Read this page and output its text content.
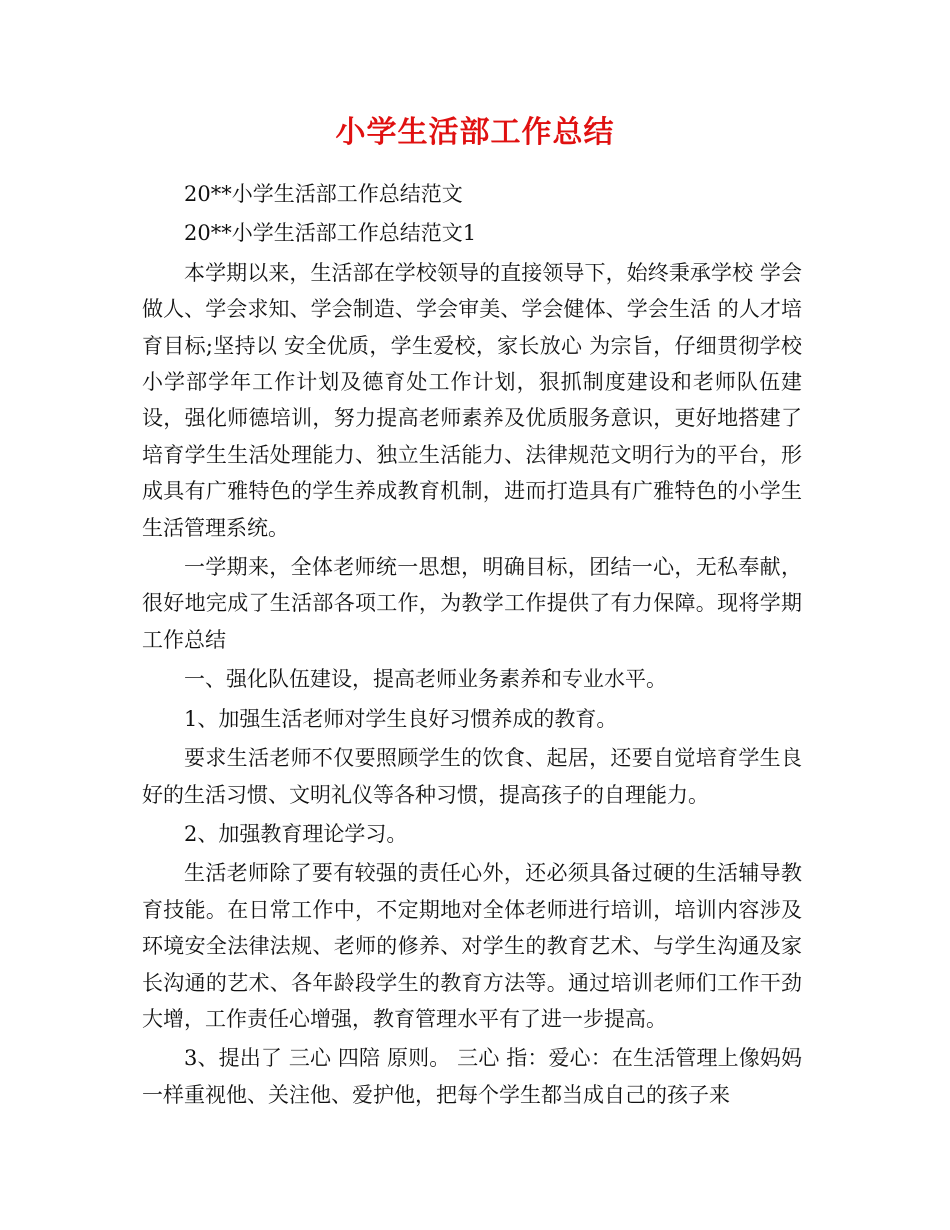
小学生活部工作总结

20**小学生活部工作总结范文

20**小学生活部工作总结范文1

本学期以来，生活部在学校领导的直接领导下，始终秉承学校 学会做人、学会求知、学会制造、学会审美、学会健体、学会生活 的人才培育目标;坚持以 安全优质，学生爱校，家长放心 为宗旨，仔细贯彻学校小学部学年工作计划及德育处工作计划，狠抓制度建设和老师队伍建设，强化师德培训，努力提高老师素养及优质服务意识，更好地搭建了培育学生生活处理能力、独立生活能力、法律规范文明行为的平台，形成具有广雅特色的学生养成教育机制，进而打造具有广雅特色的小学生生活管理系统。

一学期来，全体老师统一思想，明确目标，团结一心，无私奉献，很好地完成了生活部各项工作，为教学工作提供了有力保障。现将学期工作总结

一、强化队伍建设，提高老师业务素养和专业水平。

1、加强生活老师对学生良好习惯养成的教育。

要求生活老师不仅要照顾学生的饮食、起居，还要自觉培育学生良好的生活习惯、文明礼仪等各种习惯，提高孩子的自理能力。

2、加强教育理论学习。

生活老师除了要有较强的责任心外，还必须具备过硬的生活辅导教育技能。在日常工作中，不定期地对全体老师进行培训，培训内容涉及环境安全法律法规、老师的修养、对学生的教育艺术、与学生沟通及家长沟通的艺术、各年龄段学生的教育方法等。通过培训老师们工作干劲大增，工作责任心增强，教育管理水平有了进一步提高。

3、提出了 三心 四陪 原则。 三心 指：爱心：在生活管理上像妈妈一样重视他、关注他、爱护他，把每个学生都当成自己的孩子来
